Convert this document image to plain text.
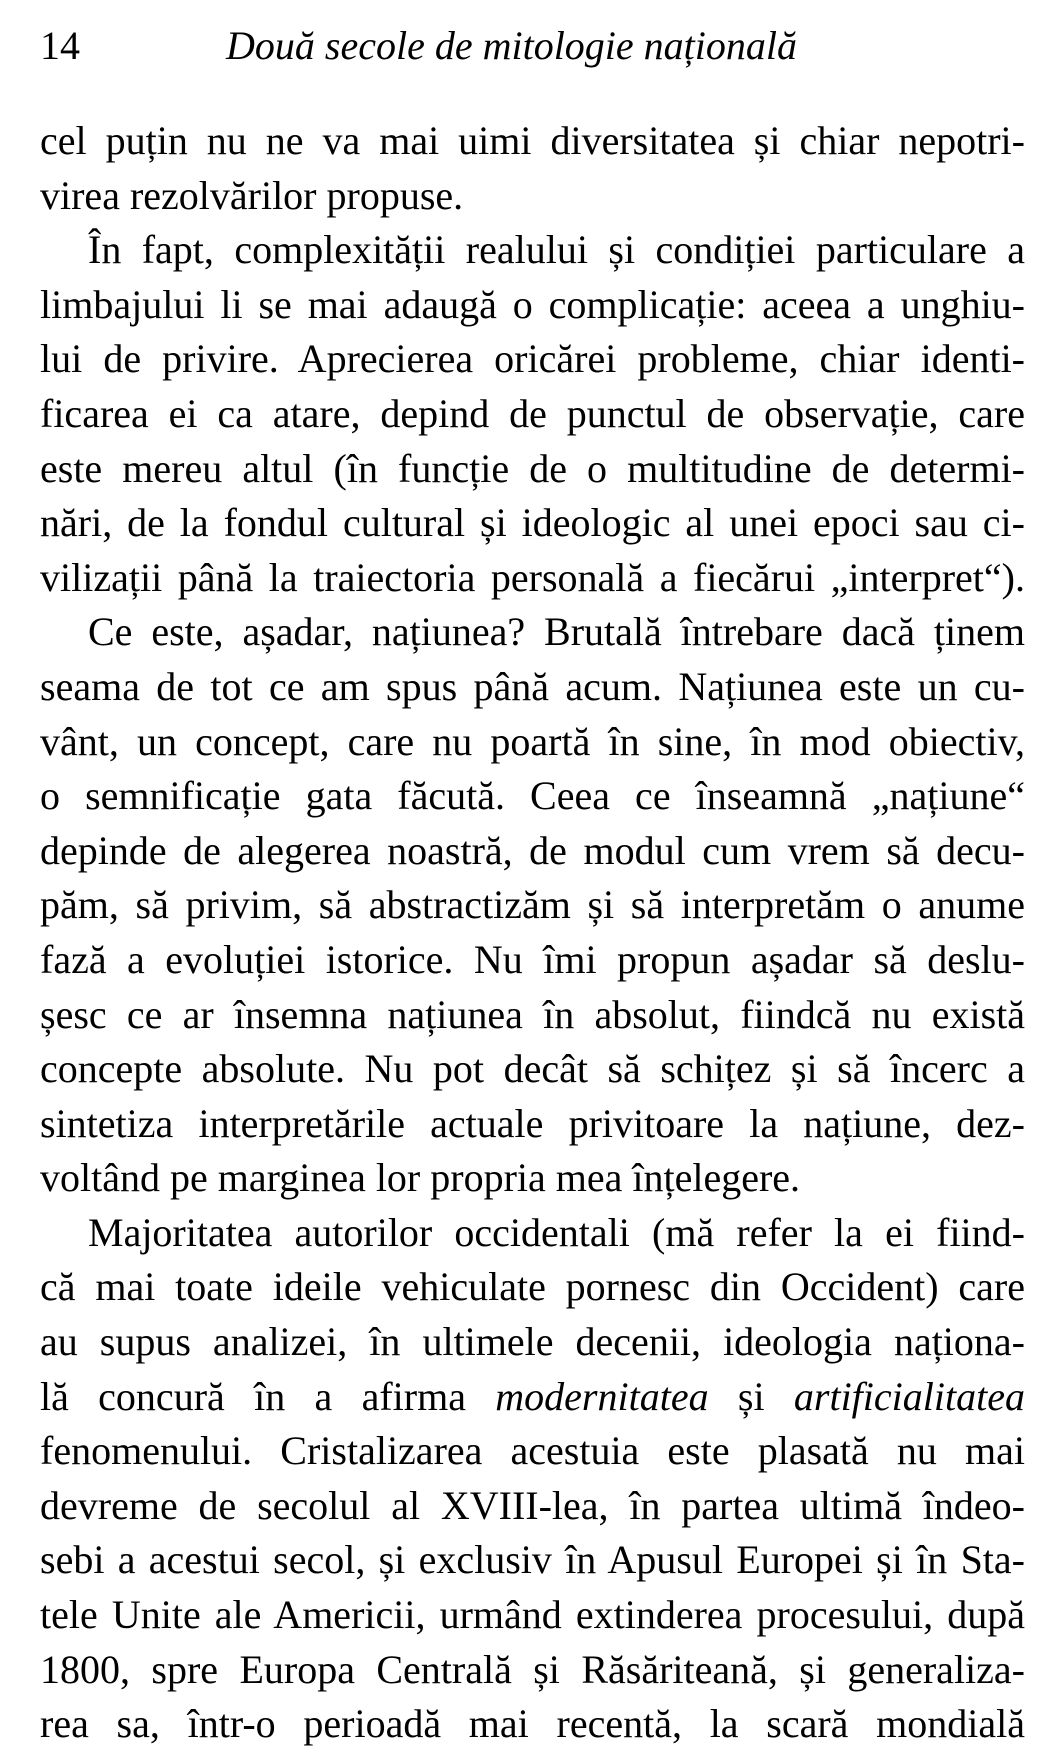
14	Două secole de mitologie națională
cel puțin nu ne va mai uimi diversitatea și chiar nepotri-
virea rezolvărilor propuse.
În fapt, complexității realului și condiției particulare a
limbajului li se mai adaugă o complicație: aceea a unghiu-
lui de privire. Aprecierea oricărei probleme, chiar identi-
ficarea ei ca atare, depind de punctul de observație, care
este mereu altul (în funcție de o multitudine de determi-
nări, de la fondul cultural și ideologic al unei epoci sau ci-
vilizații până la traiectoria personală a fiecărui „interpret“).
Ce este, așadar, națiunea? Brutală întrebare dacă ținem
seama de tot ce am spus până acum. Națiunea este un cu-
vânt, un concept, care nu poartă în sine, în mod obiectiv,
o semnificație gata făcută. Ceea ce înseamnă „națiune“
depinde de alegerea noastră, de modul cum vrem să decu-
păm, să privim, să abstractizăm și să interpretăm o anume
fază a evoluției istorice. Nu îmi propun așadar să deslu-
șesc ce ar însemna națiunea în absolut, fiindcă nu există
concepte absolute. Nu pot decât să schițez și să încerc a
sintetiza interpretările actuale privitoare la națiune, dez-
voltând pe marginea lor propria mea înțelegere.
Majoritatea autorilor occidentali (mă refer la ei fiind-
că mai toate ideile vehiculate pornesc din Occident) care
au supus analizei, în ultimele decenii, ideologia naționa-
lă concură în a afirma modernitatea și artificialitatea
fenomenului. Cristalizarea acestuia este plasată nu mai
devreme de secolul al XVIII-lea, în partea ultimă îndeo-
sebi a acestui secol, și exclusiv în Apusul Europei și în Sta-
tele Unite ale Americii, urmând extinderea procesului, după
1800, spre Europa Centrală și Răsăriteană, și generaliza-
rea sa, într-o perioadă mai recentă, la scară mondială
